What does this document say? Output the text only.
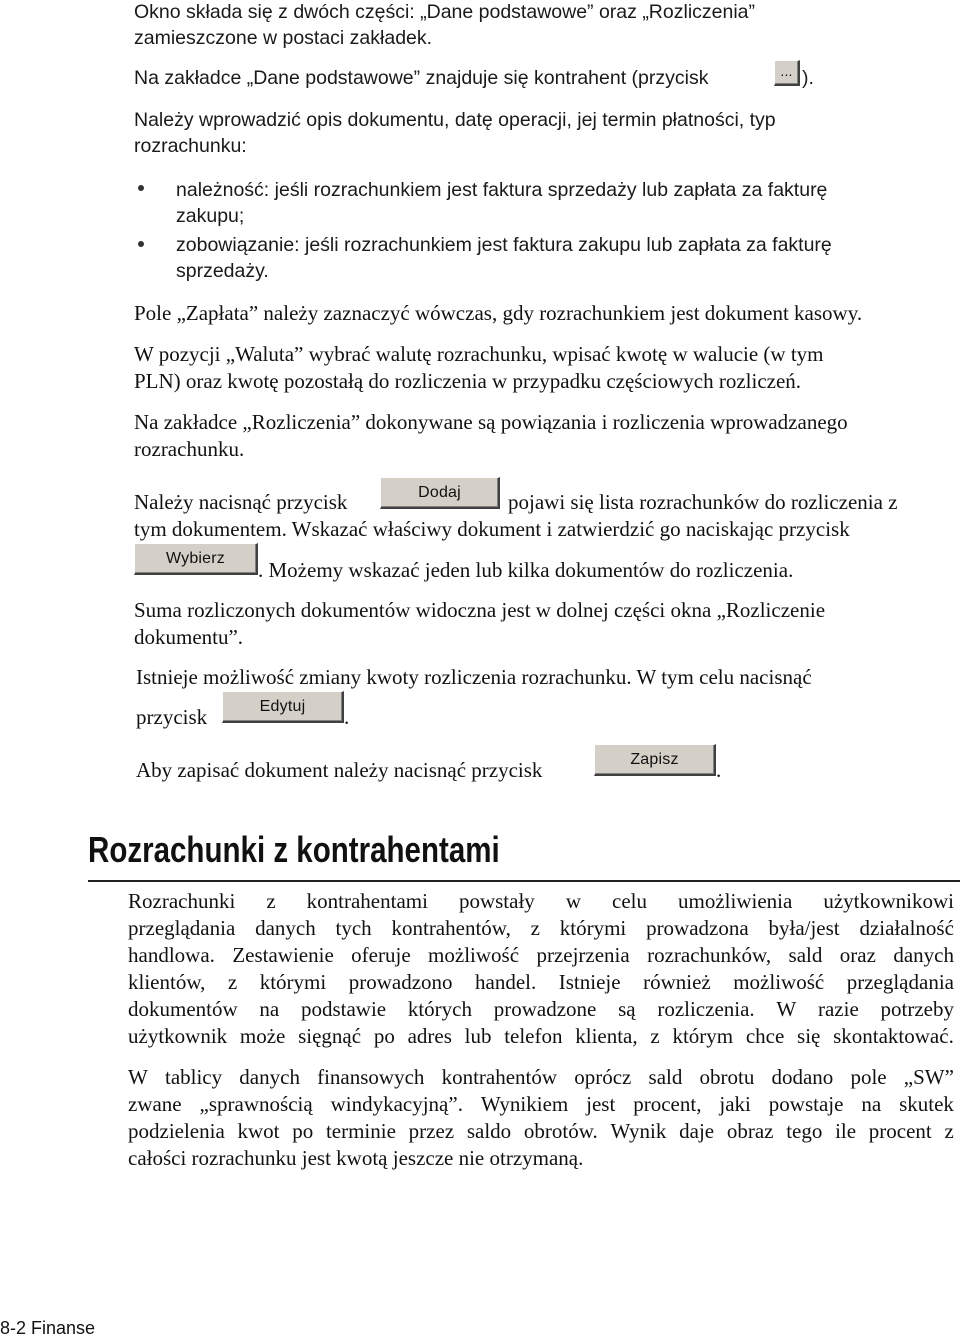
Okno składa się z dwóch części: „Dane podstawowe” oraz „Rozliczenia”
zamieszczone w postaci zakładek.
Na zakładce „Dane podstawowe” znajduje się kontrahent (przycisk	... ).
Należy wprowadzić opis dokumentu, datę operacji, jej termin płatności, typ
rozrachunku:
należność: jeśli rozrachunkiem jest faktura sprzedaży lub zapłata za fakturę
zakupu;
zobowiązanie: jeśli rozrachunkiem jest faktura zakupu lub zapłata za fakturę
sprzedaży.
Pole „Zapłata” należy zaznaczyć wówczas, gdy rozrachunkiem jest dokument kasowy.
W pozycji „Waluta” wybrać walutę rozrachunku, wpisać kwotę w walucie (w tym
PLN) oraz kwotę pozostałą do rozliczenia w przypadku częściowych rozliczeń.
Na zakładce „Rozliczenia” dokonywane są powiązania i rozliczenia wprowadzanego
rozrachunku.
Należy nacisnąć przycisk	Dodaj	pojawi się lista rozrachunków do rozliczenia z
tym dokumentem. Wskazać właściwy dokument i zatwierdzić go naciskając przycisk
Wybierz	. Możemy wskazać jeden lub kilka dokumentów do rozliczenia.
Suma rozliczonych dokumentów widoczna jest w dolnej części okna „Rozliczenie
dokumentu”.
Istnieje możliwość zmiany kwoty rozliczenia rozrachunku. W tym celu nacisnąć
przycisk	Edytuj	.
Aby zapisać dokument należy nacisnąć przycisk	Zapisz	.
Rozrachunki z kontrahentami
Rozrachunki z kontrahentami powstały w celu umożliwienia użytkownikowi
przeglądania danych tych kontrahentów, z którymi prowadzona była/jest działalność
handlowa. Zestawienie oferuje możliwość przejrzenia rozrachunków, sald oraz danych
klientów, z którymi prowadzono handel. Istnieje również możliwość przeglądania
dokumentów na podstawie których prowadzone są rozliczenia. W razie potrzeby
użytkownik może sięgnąć po adres lub telefon klienta, z którym chce się skontaktować.
W tablicy danych finansowych kontrahentów oprócz sald obrotu dodano pole „SW”
zwane „sprawnością windykacyjną”. Wynikiem jest procent, jaki powstaje na skutek
podzielenia kwot po terminie przez saldo obrotów. Wynik daje obraz tego ile procent z
całości rozrachunku jest kwotą jeszcze nie otrzymaną.
8-2 Finanse
